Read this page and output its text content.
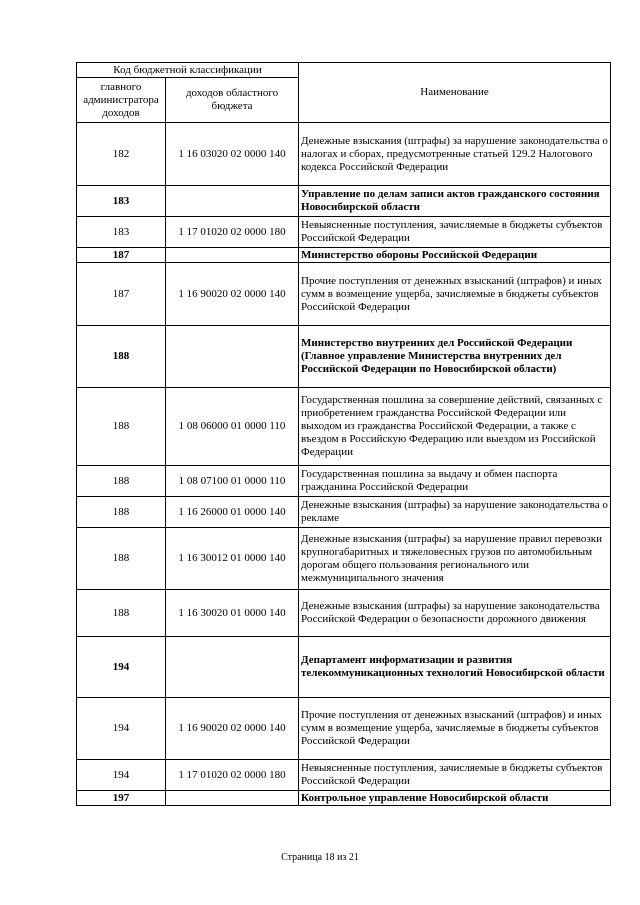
Код бюджетной классификации		Наименование
главного администратора доходов	доходов областного бюджета	
182	1 16 03020 02 0000 140	Денежные взыскания (штрафы) за нарушение законодательства о налогах и сборах, предусмотренные статьей 129.2 Налогового кодекса Российской Федерации
183		Управление по делам записи актов гражданского состояния Новосибирской области
183	1 17 01020 02 0000 180	Невыясненные поступления, зачисляемые в бюджеты субъектов Российской Федерации
187		Министерство обороны Российской Федерации
187	1 16 90020 02 0000 140	Прочие поступления от денежных взысканий (штрафов) и иных сумм в возмещение ущерба, зачисляемые в бюджеты субъектов Российской Федерации
188		Министерство внутренних дел Российской Федерации (Главное управление Министерства внутренних дел Российской Федерации по Новосибирской области)
188	1 08 06000 01 0000 110	Государственная пошлина за совершение действий, связанных с приобретением гражданства Российской Федерации или выходом из гражданства Российской Федерации, а также с въездом в Российскую Федерацию или выездом из Российской Федерации
188	1 08 07100 01 0000 110	Государственная пошлина за выдачу и обмен паспорта гражданина Российской Федерации
188	1 16 26000 01 0000 140	Денежные взыскания (штрафы) за нарушение законодательства о рекламе
188	1 16 30012 01 0000 140	Денежные взыскания (штрафы) за нарушение правил перевозки крупногабаритных и тяжеловесных грузов по автомобильным дорогам общего пользования регионального или межмуниципального значения
188	1 16 30020 01 0000 140	Денежные взыскания (штрафы) за нарушение законодательства Российской Федерации о безопасности дорожного движения
194		Департамент информатизации и развития телекоммуникационных технологий Новосибирской области
194	1 16 90020 02 0000 140	Прочие поступления от денежных взысканий (штрафов) и иных сумм в возмещение ущерба, зачисляемые в бюджеты субъектов Российской Федерации
194	1 17 01020 02 0000 180	Невыясненные поступления, зачисляемые в бюджеты субъектов Российской Федерации
197		Контрольное управление Новосибирской области
Страница 18 из 21
